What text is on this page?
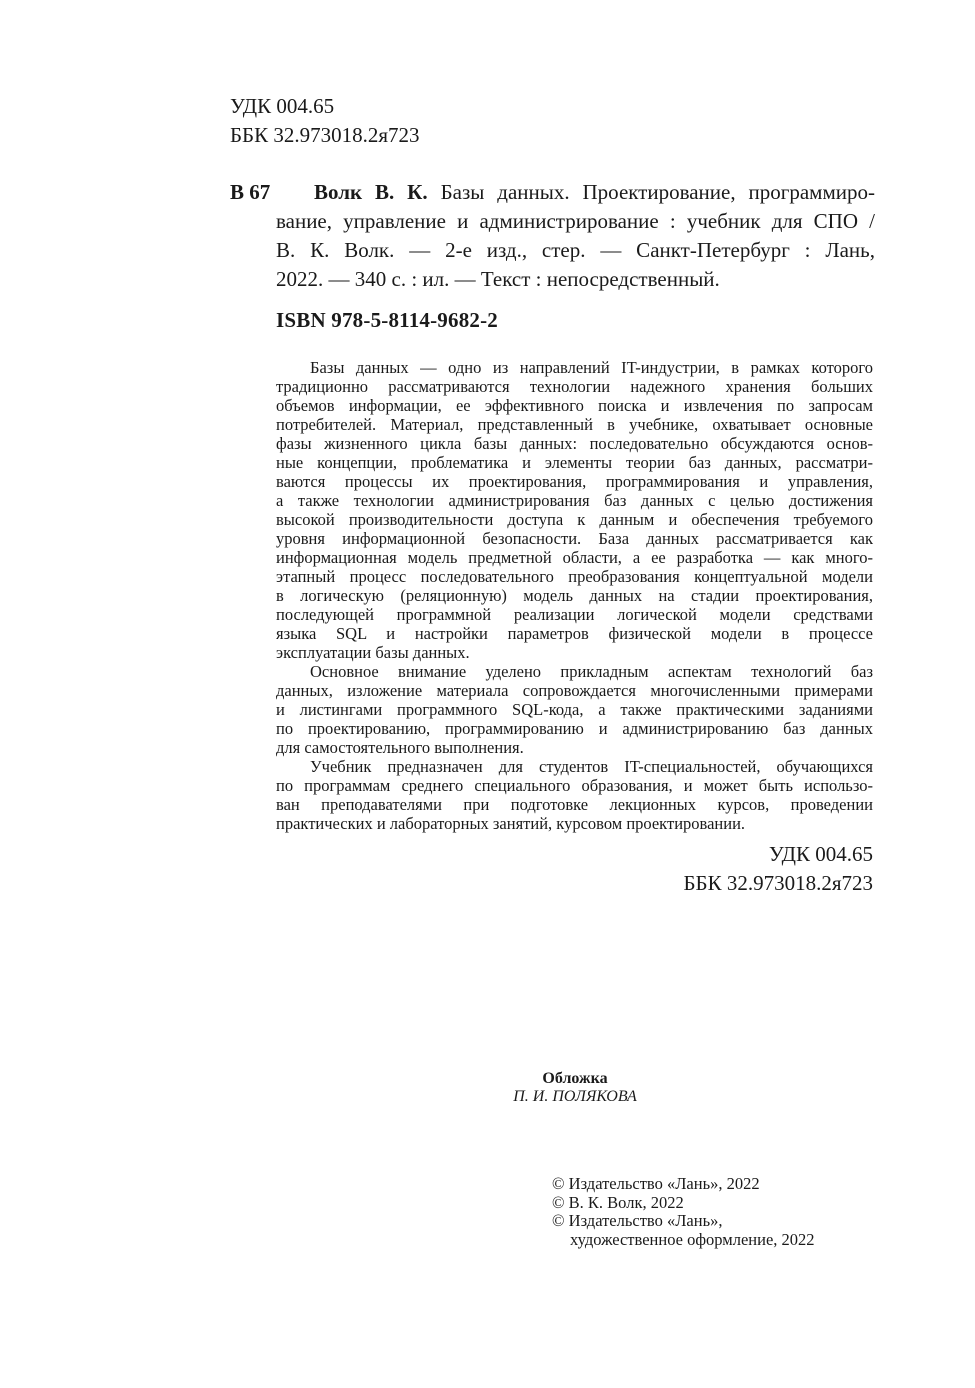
УДК 004.65
ББК 32.973018.2я723
В 67	Волк В. К. Базы данных. Проектирование, программиро-
вание, управление и администрирование : учебник для СПО /
В. К. Волк. — 2-е изд., стер. — Санкт-Петербург : Лань,
2022. — 340 с. : ил. — Текст : непосредственный.
ISBN 978-5-8114-9682-2
Базы данных — одно из направлений IT-индустрии, в рамках которого
традиционно рассматриваются технологии надежного хранения больших
объемов информации, ее эффективного поиска и извлечения по запросам
потребителей. Материал, представленный в учебнике, охватывает основные
фазы жизненного цикла базы данных: последовательно обсуждаются основ-
ные концепции, проблематика и элементы теории баз данных, рассматри-
ваются процессы их проектирования, программирования и управления,
а также технологии администрирования баз данных с целью достижения
высокой производительности доступа к данным и обеспечения требуемого
уровня информационной безопасности. База данных рассматривается как
информационная модель предметной области, а ее разработка — как много-
этапный процесс последовательного преобразования концептуальной модели
в логическую (реляционную) модель данных на стадии проектирования,
последующей программной реализации логической модели средствами
языка SQL и настройки параметров физической модели в процессе
эксплуатации базы данных.
Основное внимание уделено прикладным аспектам технологий баз
данных, изложение материала сопровождается многочисленными примерами
и листингами программного SQL-кода, а также практическими заданиями
по проектированию, программированию и администрированию баз данных
для самостоятельного выполнения.
Учебник предназначен для студентов IT-специальностей, обучающихся
по программам среднего специального образования, и может быть использо-
ван преподавателями при подготовке лекционных курсов, проведении
практических и лабораторных занятий, курсовом проектировании.
УДК 004.65
ББК 32.973018.2я723
Обложка
П. И. ПОЛЯКОВА
© Издательство «Лань», 2022
© В. К. Волк, 2022
© Издательство «Лань»,
художественное оформление, 2022
